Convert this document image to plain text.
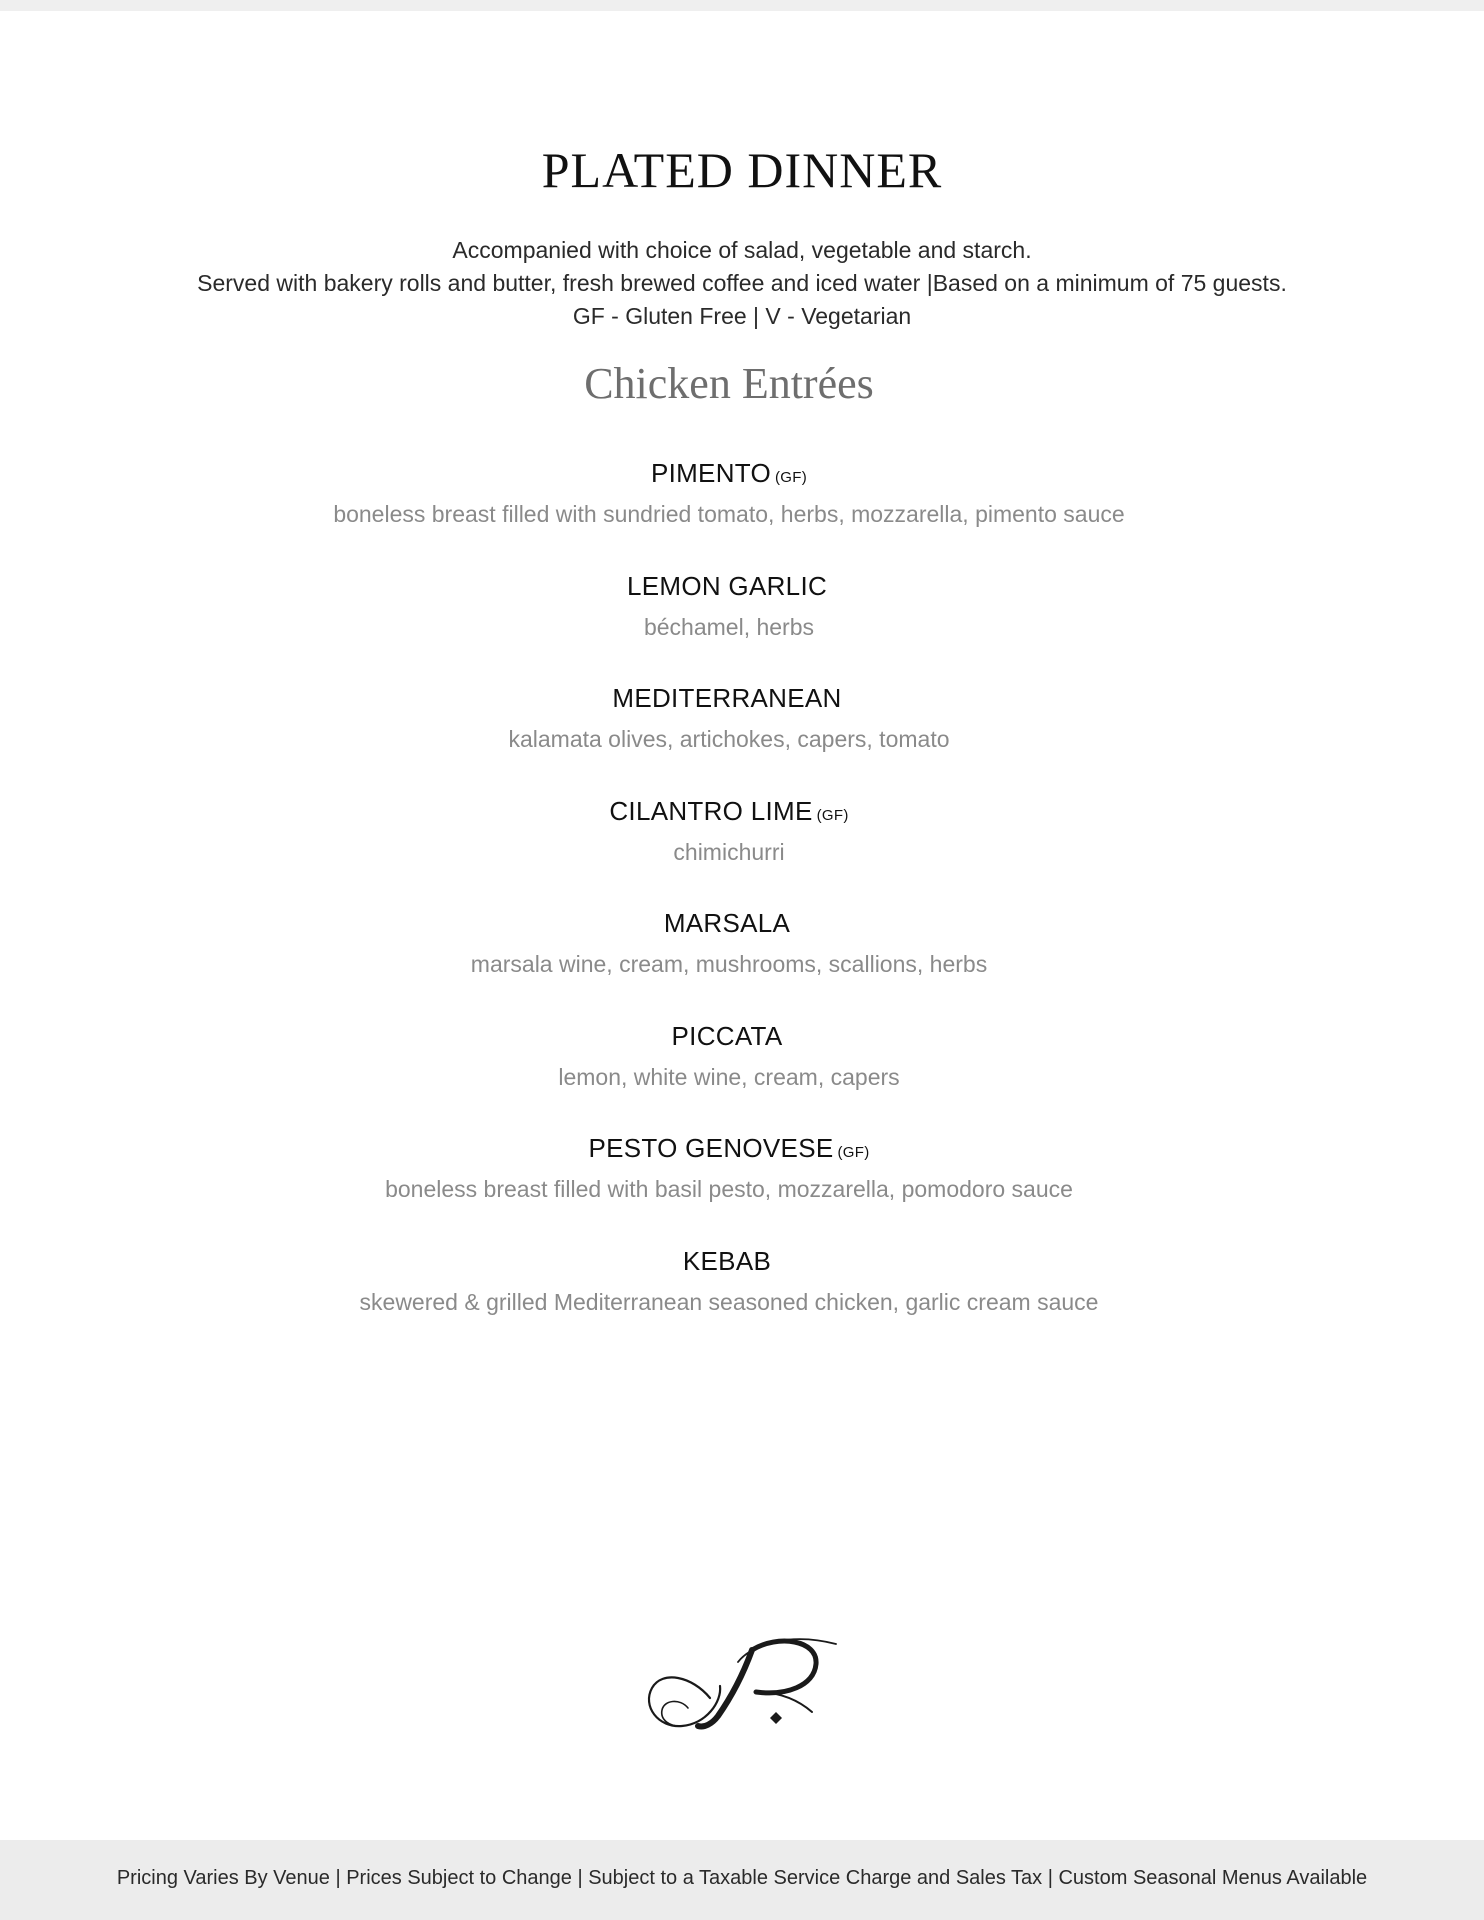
PLATED DINNER
Accompanied with choice of salad, vegetable and starch.
Served with bakery rolls and butter, fresh brewed coffee and iced water |Based on a minimum of 75 guests.
GF - Gluten Free | V - Vegetarian
Chicken Entrées
PIMENTO (GF)
boneless breast filled with sundried tomato, herbs, mozzarella, pimento sauce
LEMON GARLIC
béchamel, herbs
MEDITERRANEAN
kalamata olives, artichokes, capers, tomato
CILANTRO LIME (GF)
chimichurri
MARSALA
marsala wine, cream, mushrooms, scallions, herbs
PICCATA
lemon, white wine, cream, capers
PESTO GENOVESE (GF)
boneless breast filled with basil pesto, mozzarella, pomodoro sauce
KEBAB
skewered & grilled Mediterranean seasoned chicken, garlic cream sauce
Pricing Varies By Venue | Prices Subject to Change | Subject to a Taxable Service Charge and Sales Tax | Custom Seasonal Menus Available
